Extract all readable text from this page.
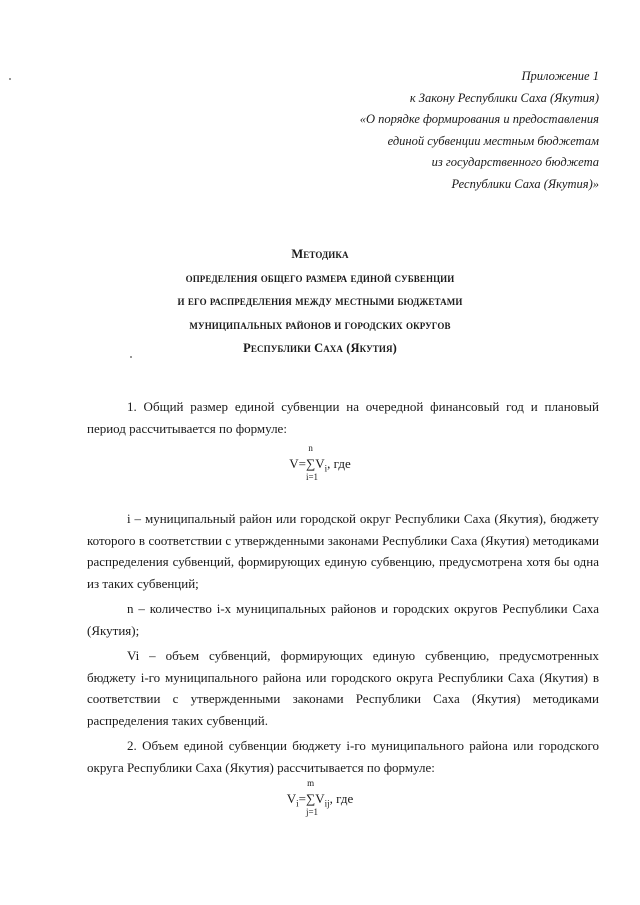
Приложение 1
к Закону Республики Саха (Якутия)
«О порядке формирования и предоставления
единой субвенции местным бюджетам
из государственного бюджета
Республики Саха (Якутия)»
Методика
определения общего размера единой субвенции
и его распределения между местными бюджетами
муниципальных районов и городских округов
Республики Саха (Якутия)

1. Общий размер единой субвенции на очередной финансовый год и плановый период рассчитывается по формуле:

V=
n
∑
i=1
$V_i$, где

i – муниципальный район или городской округ Республики Саха (Якутия), бюджету которого в соответствии с утвержденными законами Республики Саха (Якутия) методиками распределения субвенций, формирующих единую субвенцию, предусмотрена хотя бы одна из таких субвенций;

n – количество i-х муниципальных районов и городских округов Республики Саха (Якутия);

Vi – объем субвенций, формирующих единую субвенцию, предусмотренных бюджету i-го муниципального района или городского округа Республики Саха (Якутия) в соответствии с утвержденными законами Республики Саха (Якутия) методиками распределения таких субвенций.

2. Объем единой субвенции бюджету i-го муниципального района или городского округа Республики Саха (Якутия) рассчитывается по формуле:

$V_i=$
m
∑
j=1
$V_{ij}$, где
